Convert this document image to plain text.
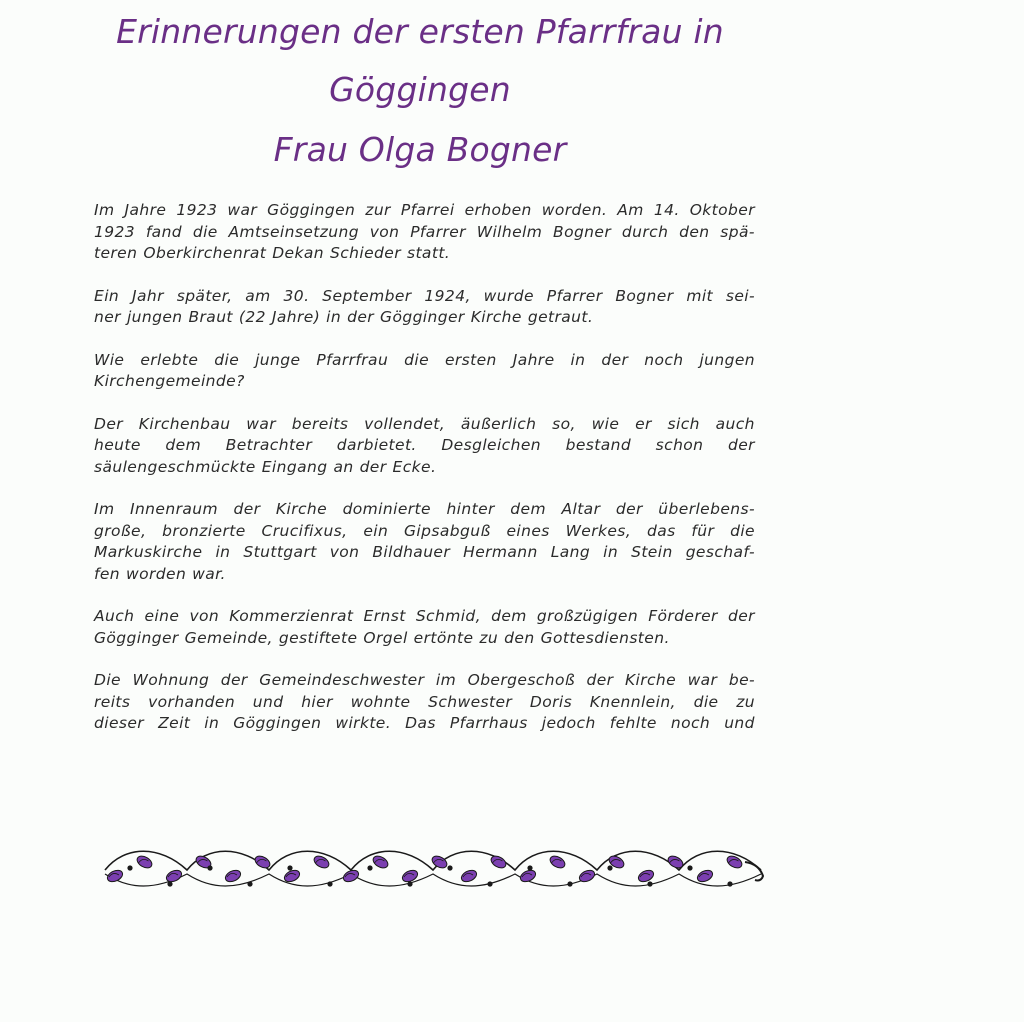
Erinnerungen der ersten Pfarrfrau in
Göggingen
Frau Olga Bogner
Im Jahre 1923 war Göggingen zur Pfarrei erhoben worden. Am 14. Oktober
1923 fand die Amtseinsetzung von Pfarrer Wilhelm Bogner durch den spä-
teren Oberkirchenrat Dekan Schieder statt.
Ein Jahr später, am 30. September 1924, wurde Pfarrer Bogner mit sei-
ner jungen Braut (22 Jahre) in der Gögginger Kirche getraut.
Wie erlebte die junge Pfarrfrau die ersten Jahre in der noch jungen
Kirchengemeinde?
Der Kirchenbau war bereits vollendet, äußerlich so, wie er sich auch
heute dem Betrachter darbietet. Desgleichen bestand schon der
säulengeschmückte Eingang an der Ecke.
Im Innenraum der Kirche dominierte hinter dem Altar der überlebens-
große, bronzierte Crucifixus, ein Gipsabguß eines Werkes, das für die
Markuskirche in Stuttgart von Bildhauer Hermann Lang in Stein geschaf-
fen worden war.
Auch eine von Kommerzienrat Ernst Schmid, dem großzügigen Förderer der
Gögginger Gemeinde, gestiftete Orgel ertönte zu den Gottesdiensten.
Die Wohnung der Gemeindeschwester im Obergeschoß der Kirche war be-
reits vorhanden und hier wohnte Schwester Doris Knennlein, die zu
dieser Zeit in Göggingen wirkte. Das Pfarrhaus jedoch fehlte noch und
